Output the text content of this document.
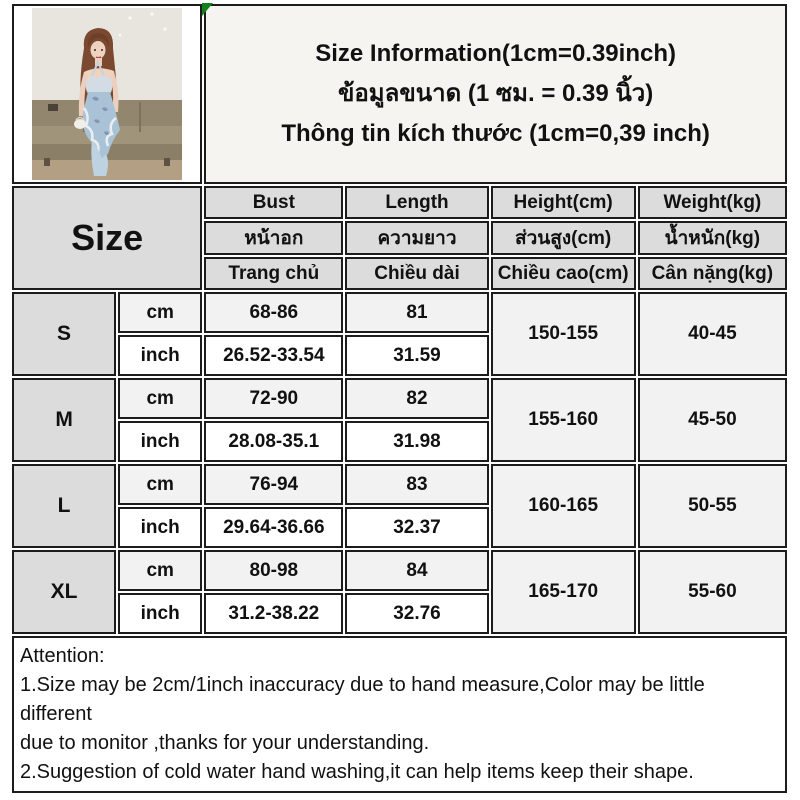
Size Information(1cm=0.39inch)
ข้อมูลขนาด (1 ซม. = 0.39 นิ้ว)
Thông tin kích thước (1cm=0,39 inch)			

Size		Bust	Length	Height(cm)	Weight(kg)
		หน้าอก	ความยาว	ส่วนสูง(cm)	น้ำหนัก(kg)
		Trang chủ	Chiều dài	Chiều cao(cm)	Cân nặng(kg)
S	cm	68-86	81	150-155	40-45
	inch	26.52-33.54	31.59		
M	cm	72-90	82	155-160	45-50
	inch	28.08-35.1	31.98		
L	cm	76-94	83	160-165	50-55
	inch	29.64-36.66	32.37		
XL	cm	80-98	84	165-170	55-60
	inch	31.2-38.22	32.76		

Attention:
1.Size may be 2cm/1inch inaccuracy due to hand measure,Color may be little different
due to monitor ,thanks for your understanding.
2.Suggestion of cold water hand washing,it can help items keep their shape.					
